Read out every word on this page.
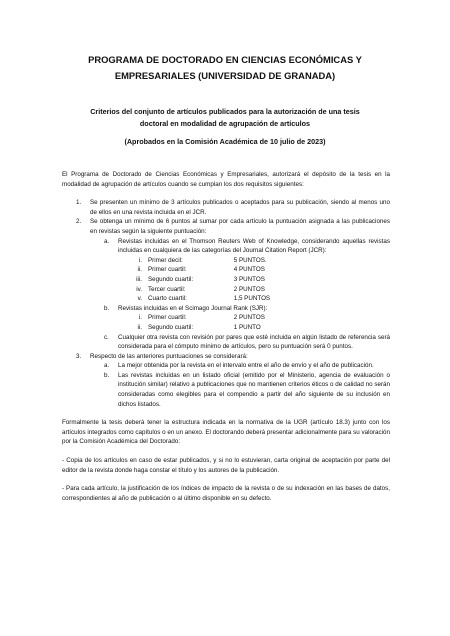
PROGRAMA DE DOCTORADO EN CIENCIAS ECONÓMICAS Y
EMPRESARIALES (UNIVERSIDAD DE GRANADA)
Criterios del conjunto de artículos publicados para la autorización de una tesis
doctoral en modalidad de agrupación de artículos
(Aprobados en la Comisión Académica de 10 julio de 2023)

El Programa de Doctorado de Ciencias Económicas y Empresariales, autorizará el depósito de la tesis en la modalidad de agrupación de artículos cuando se cumplan los dos requisitos siguientes:

1. Se presenten un mínimo de 3 artículos publicados o aceptados para su publicación, siendo al menos uno de ellos en una revista incluida en el JCR.
2. Se obtenga un mínimo de 6 puntos al sumar por cada artículo la puntuación asignada a las publicaciones en revistas según la siguiente puntuación:
a. Revistas incluidas en el Thomson Reuters Web of Knowledge, considerando aquellas revistas incluidas en cualquiera de las categorías del Journal Citation Report (JCR):
i. Primer decil:	5 PUNTOS.
ii. Primer cuartil:	4 PUNTOS
iii. Segundo cuartil:	3 PUNTOS
iv. Tercer cuartil:	2 PUNTOS
v. Cuarto cuartil:	1,5 PUNTOS
b. Revistas incluidas en el Scimago Journal Rank (SJR):
i. Primer cuartil:	2 PUNTOS
ii. Segundo cuartil:	1 PUNTO
c. Cualquier otra revista con revisión por pares que esté incluida en algún listado de referencia será considerada para el cómputo mínimo de artículos, pero su puntuación será 0 puntos.
3. Respecto de las anteriores puntuaciones se considerará:
a. La mejor obtenida por la revista en el intervalo entre el año de envío y el año de publicación.
b. Las revistas incluidas en un listado oficial (emitido por el Ministerio, agencia de evaluación o institución similar) relativo a publicaciones que no mantienen criterios éticos o de calidad no serán consideradas como elegibles para el compendio a partir del año siguiente de su inclusión en dichos listados.

Formalmente la tesis deberá tener la estructura indicada en la normativa de la UGR (artículo 18.3) junto con los artículos integrados como capítulos o en un anexo. El doctorando deberá presentar adicionalmente para su valoración por la Comisión Académica del Doctorado:

- Copia de los artículos en caso de estar publicados, y si no lo estuvieran, carta original de aceptación por parte del editor de la revista donde haga constar el título y los autores de la publicación.

- Para cada artículo, la justificación de los índices de impacto de la revista o de su indexación en las bases de datos, correspondientes al año de publicación o al último disponible en su defecto.
